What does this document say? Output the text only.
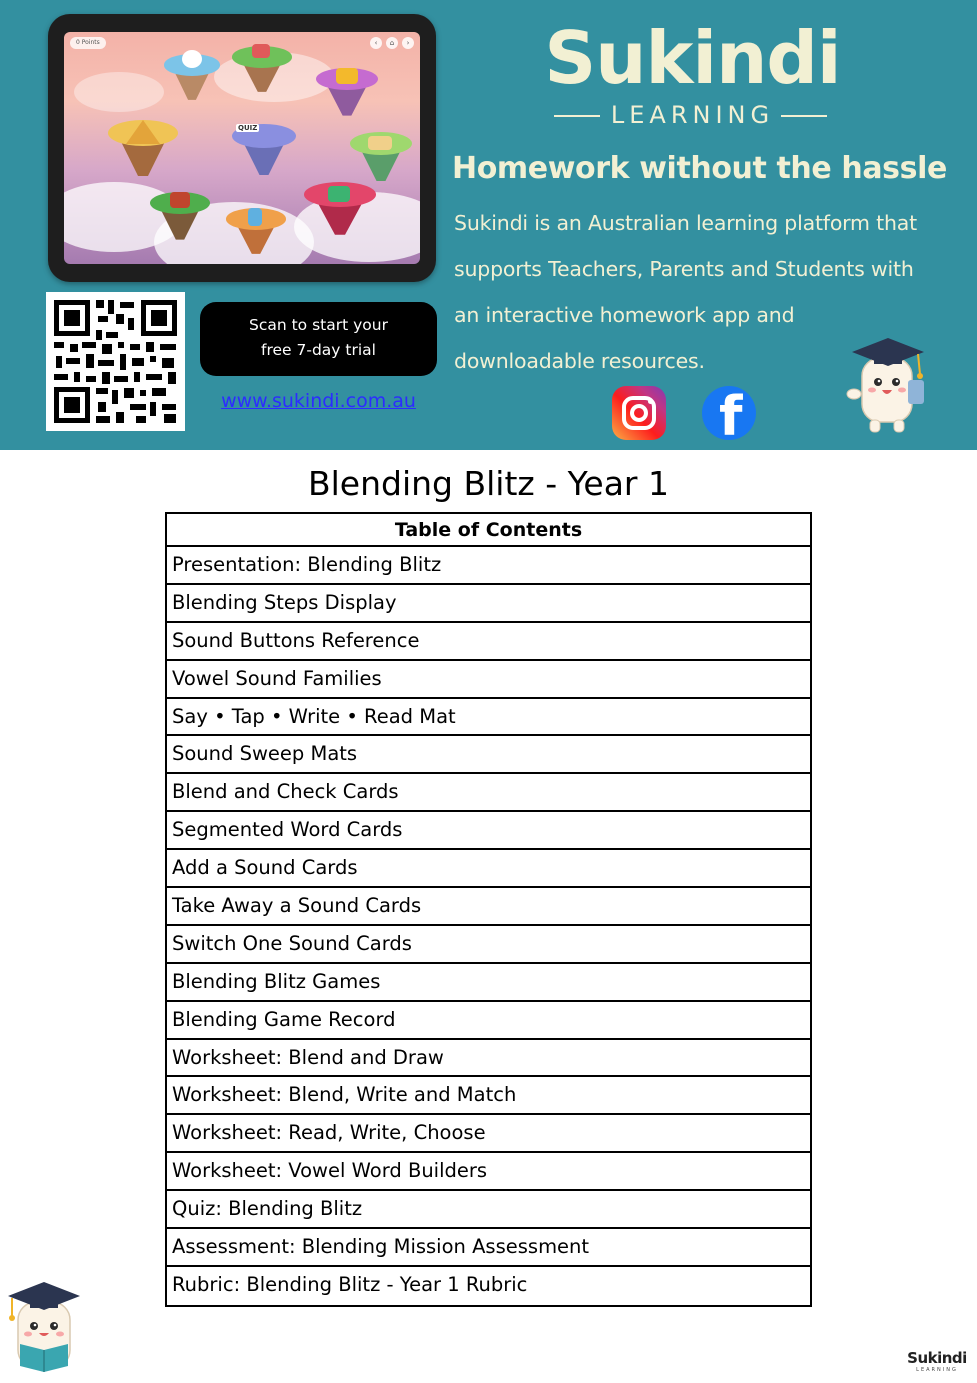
0 Points	‹	⌂	›
QUIZ
Scan to start your
free 7-day trial
www.sukindi.com.au
Sukindi
LEARNING
Homework without the hassle
Sukindi is an Australian learning platform that supports Teachers, Parents and Students with an interactive homework app and downloadable resources.
f
Blending Blitz - Year 1
Table of Contents
Presentation: Blending Blitz
Blending Steps Display
Sound Buttons Reference
Vowel Sound Families
Say • Tap • Write • Read Mat
Sound Sweep Mats
Blend and Check Cards
Segmented Word Cards
Add a Sound Cards
Take Away a Sound Cards
Switch One Sound Cards
Blending Blitz Games
Blending Game Record
Worksheet: Blend and Draw
Worksheet: Blend, Write and Match
Worksheet: Read, Write, Choose
Worksheet: Vowel Word Builders
Quiz: Blending Blitz
Assessment: Blending Mission Assessment
Rubric: Blending Blitz - Year 1 Rubric
Sukindi
LEARNING
